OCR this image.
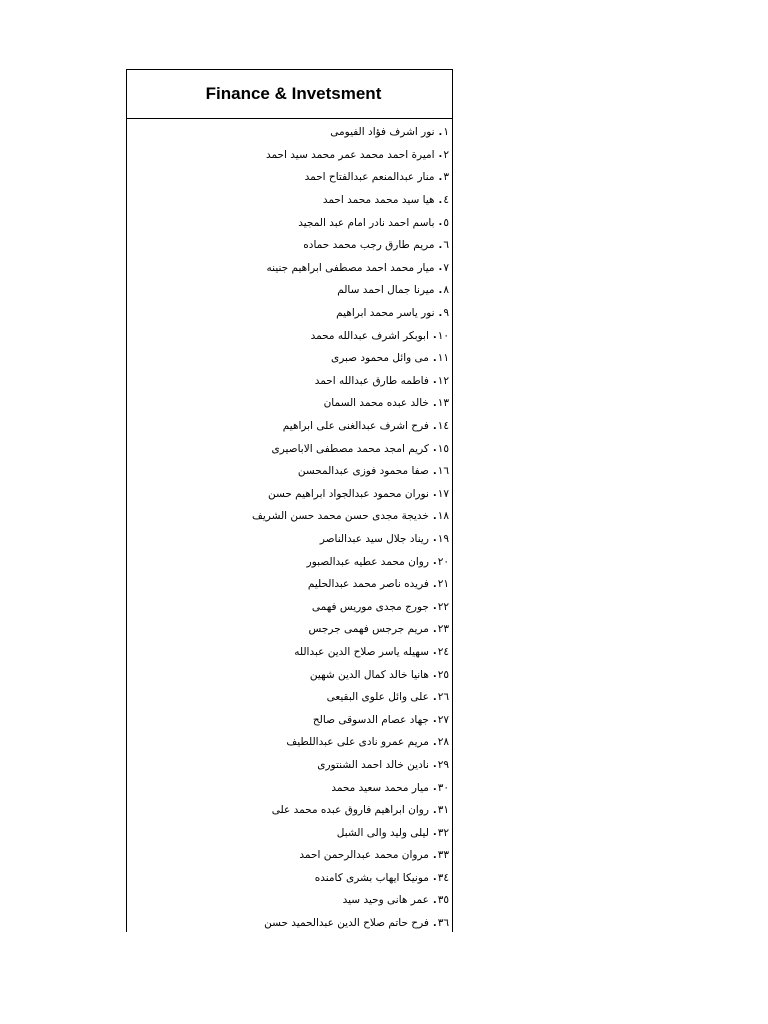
Finance & Invetsment
١
.
نور اشرف فؤاد الفيومى
٢
.
اميرة احمد محمد عمر محمد سيد احمد
٣
.
منار عبدالمنعم عبدالفتاح احمد
٤
.
هيا سيد محمد محمد احمد
٥
.
باسم احمد نادر امام عبد المجيد
٦
.
مريم طارق رجب محمد حماده
٧
.
ميار محمد احمد مصطفى ابراهيم جنينه
٨
.
ميرنا جمال احمد سالم
٩
.
نور ياسر محمد ابراهيم
١٠
.
ابوبكر اشرف عبدالله محمد
١١
.
مى وائل محمود صبرى
١٢
.
فاطمه طارق عبدالله احمد
١٣
.
خالد عبده محمد السمان
١٤
.
فرح اشرف عبدالغنى على ابراهيم
١٥
.
كريم امجد محمد مصطفى الاباصيرى
١٦
.
صفا محمود فوزى عبدالمحسن
١٧
.
نوران محمود عبدالجواد ابراهيم حسن
١٨
.
خديجة مجدى حسن محمد حسن الشريف
١٩
.
ريناد جلال سيد عبدالناصر
٢٠
.
روان محمد عطيه عبدالصبور
٢١
.
فريده ناصر محمد عبدالحليم
٢٢
.
جورج مجدى موريس فهمى
٢٣
.
مريم جرجس فهمى جرجس
٢٤
.
سهيله ياسر صلاح الدين عبدالله
٢٥
.
هانيا خالد كمال الدين شهين
٢٦
.
على وائل علوى البقيعى
٢٧
.
جهاد عصام الدسوقى صالح
٢٨
.
مريم عمرو نادى على عبداللطيف
٢٩
.
نادين خالد احمد الشنتورى
٣٠
.
ميار محمد سعيد محمد
٣١
.
روان ابراهيم فاروق عبده محمد على
٣٢
.
ليلى وليد والى الشبل
٣٣
.
مروان محمد عبدالرحمن احمد
٣٤
.
مونيكا ايهاب بشرى كامنده
٣٥
.
عمر هانى وحيد سيد
٣٦
.
فرح حاتم صلاح الدين عبدالحميد حسن
